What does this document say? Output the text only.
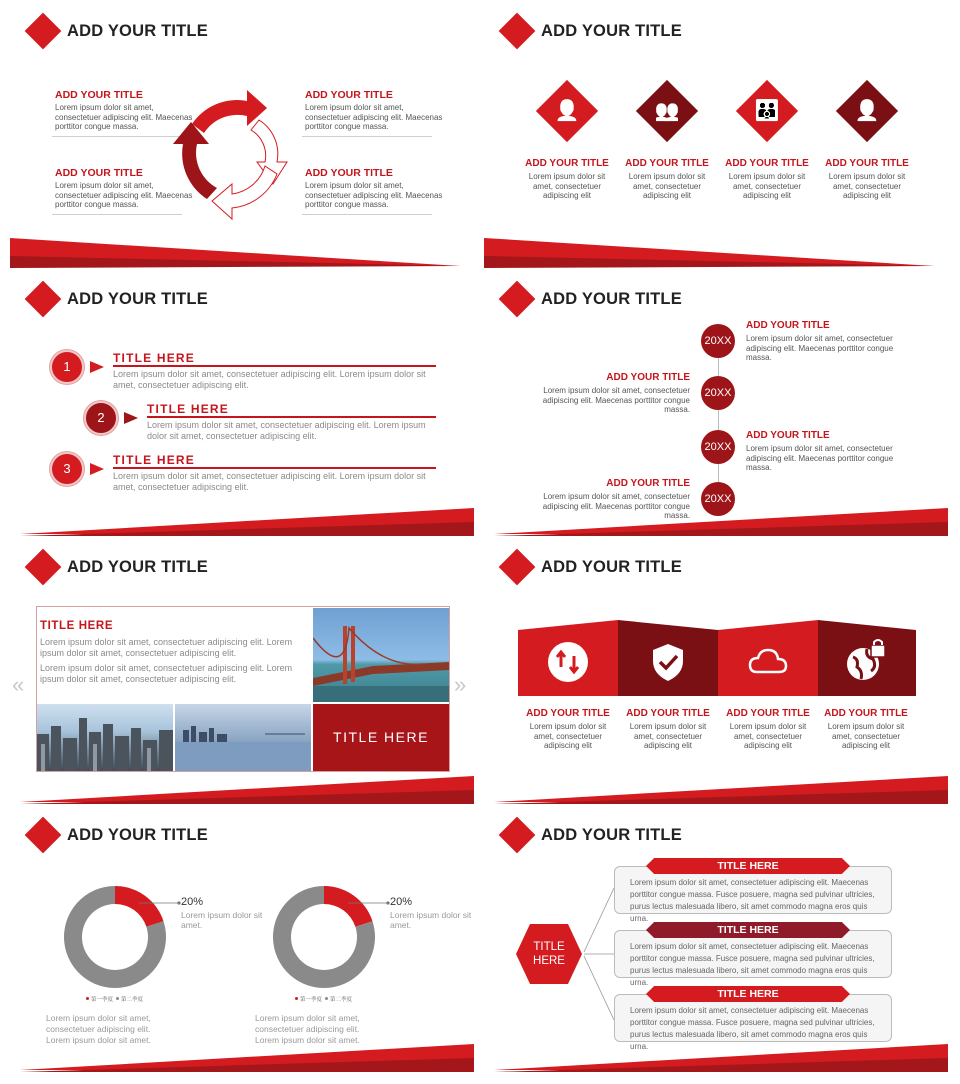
ADD YOUR TITLE
ADD YOUR TITLE
Lorem ipsum dolor sit amet, consectetuer adipiscing elit. Maecenas porttitor congue massa.
ADD YOUR TITLE
Lorem ipsum dolor sit amet, consectetuer adipiscing elit. Maecenas porttitor congue massa.
ADD YOUR TITLE
Lorem ipsum dolor sit amet, consectetuer adipiscing elit. Maecenas porttitor congue massa.
ADD YOUR TITLE
Lorem ipsum dolor sit amet, consectetuer adipiscing elit. Maecenas porttitor congue massa.
ADD YOUR TITLE
👤
ADD YOUR TITLE
Lorem ipsum dolor sit amet, consectetuer adipiscing elit
👥
ADD YOUR TITLE
Lorem ipsum dolor sit amet, consectetuer adipiscing elit
👪
ADD YOUR TITLE
Lorem ipsum dolor sit amet, consectetuer adipiscing elit
👤
ADD YOUR TITLE
Lorem ipsum dolor sit amet, consectetuer adipiscing elit
ADD YOUR TITLE
1
TITLE HERE
Lorem ipsum dolor sit amet, consectetuer adipiscing elit. Lorem ipsum dolor sit amet, consectetuer adipiscing elit.
2
TITLE HERE
Lorem ipsum dolor sit amet, consectetuer adipiscing elit. Lorem ipsum dolor sit amet, consectetuer adipiscing elit.
3
TITLE HERE
Lorem ipsum dolor sit amet, consectetuer adipiscing elit. Lorem ipsum dolor sit amet, consectetuer adipiscing elit.
ADD YOUR TITLE
20XX
20XX
20XX
20XX
ADD YOUR TITLE
Lorem ipsum dolor sit amet, consectetuer adipiscing elit. Maecenas porttitor congue massa.
ADD YOUR TITLE
Lorem ipsum dolor sit amet, consectetuer adipiscing elit. Maecenas porttitor congue massa.
ADD YOUR TITLE
Lorem ipsum dolor sit amet, consectetuer adipiscing elit. Maecenas porttitor congue massa.
ADD YOUR TITLE
Lorem ipsum dolor sit amet, consectetuer adipiscing elit. Maecenas porttitor congue massa.
ADD YOUR TITLE
TITLE HERE
Lorem ipsum dolor sit amet, consectetuer adipiscing elit. Lorem ipsum dolor sit amet, consectetuer adipiscing elit.
Lorem ipsum dolor sit amet, consectetuer adipiscing elit. Lorem ipsum dolor sit amet, consectetuer adipiscing elit.
TITLE HERE
«	»
ADD YOUR TITLE
ADD YOUR TITLE
Lorem ipsum dolor sit amet, consectetuer adipiscing elit
ADD YOUR TITLE
Lorem ipsum dolor sit amet, consectetuer adipiscing elit
ADD YOUR TITLE
Lorem ipsum dolor sit amet, consectetuer adipiscing elit
ADD YOUR TITLE
Lorem ipsum dolor sit amet, consectetuer adipiscing elit
ADD YOUR TITLE
20%
Lorem ipsum dolor sit amet.
第一季度 第二季度
Lorem ipsum dolor sit amet, consectetuer adipiscing elit. Lorem ipsum dolor sit amet.
20%
Lorem ipsum dolor sit amet.
第一季度 第二季度
Lorem ipsum dolor sit amet, consectetuer adipiscing elit. Lorem ipsum dolor sit amet.
ADD YOUR TITLE
TITLE
HERE
TITLE HERE
Lorem ipsum dolor sit amet, consectetuer adipiscing elit. Maecenas porttitor congue massa. Fusce posuere, magna sed pulvinar ultricies, purus lectus malesuada libero, sit amet commodo magna eros quis urna.
TITLE HERE
Lorem ipsum dolor sit amet, consectetuer adipiscing elit. Maecenas porttitor congue massa. Fusce posuere, magna sed pulvinar ultricies, purus lectus malesuada libero, sit amet commodo magna eros quis urna.
TITLE HERE
Lorem ipsum dolor sit amet, consectetuer adipiscing elit. Maecenas porttitor congue massa. Fusce posuere, magna sed pulvinar ultricies, purus lectus malesuada libero, sit amet commodo magna eros quis urna.
